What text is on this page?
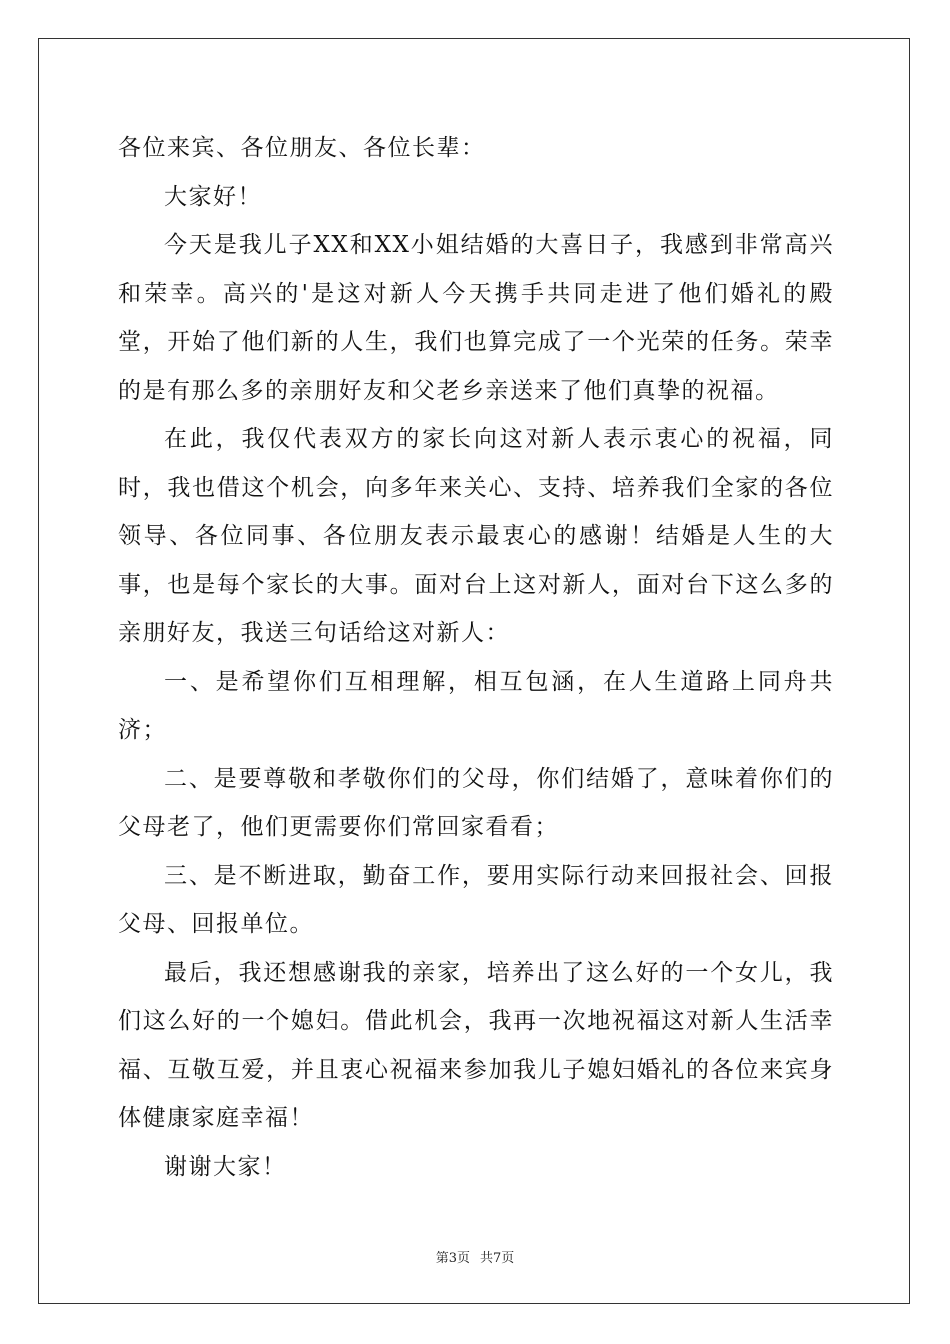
各位来宾、各位朋友、各位长辈：

大家好！

今天是我儿子XX和XX小姐结婚的大喜日子，我感到非常高兴和荣幸。高兴的'是这对新人今天携手共同走进了他们婚礼的殿堂，开始了他们新的人生，我们也算完成了一个光荣的任务。荣幸的是有那么多的亲朋好友和父老乡亲送来了他们真挚的祝福。

在此，我仅代表双方的家长向这对新人表示衷心的祝福，同时，我也借这个机会，向多年来关心、支持、培养我们全家的各位领导、各位同事、各位朋友表示最衷心的感谢！结婚是人生的大事，也是每个家长的大事。面对台上这对新人，面对台下这么多的亲朋好友，我送三句话给这对新人：

一、是希望你们互相理解，相互包涵，在人生道路上同舟共济；

二、是要尊敬和孝敬你们的父母，你们结婚了，意味着你们的父母老了，他们更需要你们常回家看看；

三、是不断进取，勤奋工作，要用实际行动来回报社会、回报父母、回报单位。

最后，我还想感谢我的亲家，培养出了这么好的一个女儿，我们这么好的一个媳妇。借此机会，我再一次地祝福这对新人生活幸福、互敬互爱，并且衷心祝福来参加我儿子媳妇婚礼的各位来宾身体健康家庭幸福！

谢谢大家！

第3页 共7页
